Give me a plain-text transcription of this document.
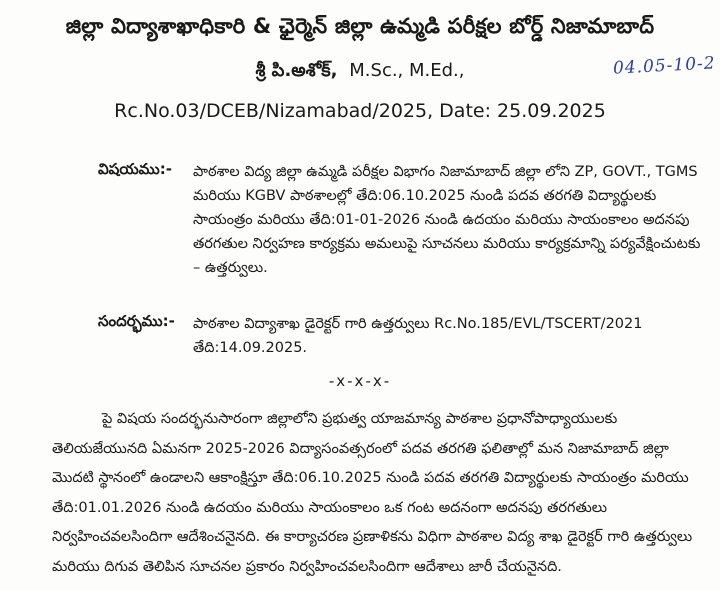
జిల్లా విద్యాశాఖాధికారి & ఛైర్మెన్ జిల్లా ఉమ్మడి పరీక్షల బోర్డ్ నిజామాబాద్
శ్రీ పి.అశోక్, M.Sc., M.Ed.,	04.05-10-2
Rc.No.03/DCEB/Nizamabad/2025, Date: 25.09.2025
విషయము:- పాఠశాల విద్య జిల్లా ఉమ్మడి పరీక్షల విభాగం నిజామాబాద్ జిల్లా లోని ZP, GOVT., TGMS మరియు KGBV పాఠశాలల్లో తేది:06.10.2025 నుండి పదవ తరగతి విద్యార్థులకు సాయంత్రం మరియు తేది:01-01-2026 నుండి ఉదయం మరియు సాయంకాలం అదనపు తరగతుల నిర్వహణ కార్యక్రమ అమలుపై సూచనలు మరియు కార్యక్రమాన్ని పర్యవేక్షించుటకు – ఉత్తర్వులు.
సందర్భము:- పాఠశాల విద్యాశాఖ డైరెక్టర్ గారి ఉత్తర్వులు Rc.No.185/EVL/TSCERT/2021 తేది:14.09.2025.
-x-x-x-
పై విషయ సందర్భనుసారంగా జిల్లాలోని ప్రభుత్వ యాజమాన్య పాఠశాల ప్రధానోపాధ్యాయులకు తెలియజేయునది ఏమనగా 2025-2026 విద్యాసంవత్సరంలో పదవ తరగతి ఫలితాల్లో మన నిజామాబాద్ జిల్లా మొదటి స్థానంలో ఉండాలని ఆకాంక్షిస్తూ తేది:06.10.2025 నుండి పదవ తరగతి విద్యార్థులకు సాయంత్రం మరియు తేది:01.01.2026 నుండి ఉదయం మరియు సాయంకాలం ఒక గంట అదనంగా అదనపు తరగతులు నిర్వహించవలసిందిగా ఆదేశించనైనది. ఈ కార్యాచరణ ప్రణాళికను విధిగా పాఠశాల విద్య శాఖ డైరెక్టర్ గారి ఉత్తర్వులు మరియు దిగువ తెలిపిన సూచనల ప్రకారం నిర్వహించవలసిందిగా ఆదేశాలు జారీ చేయనైనది.
